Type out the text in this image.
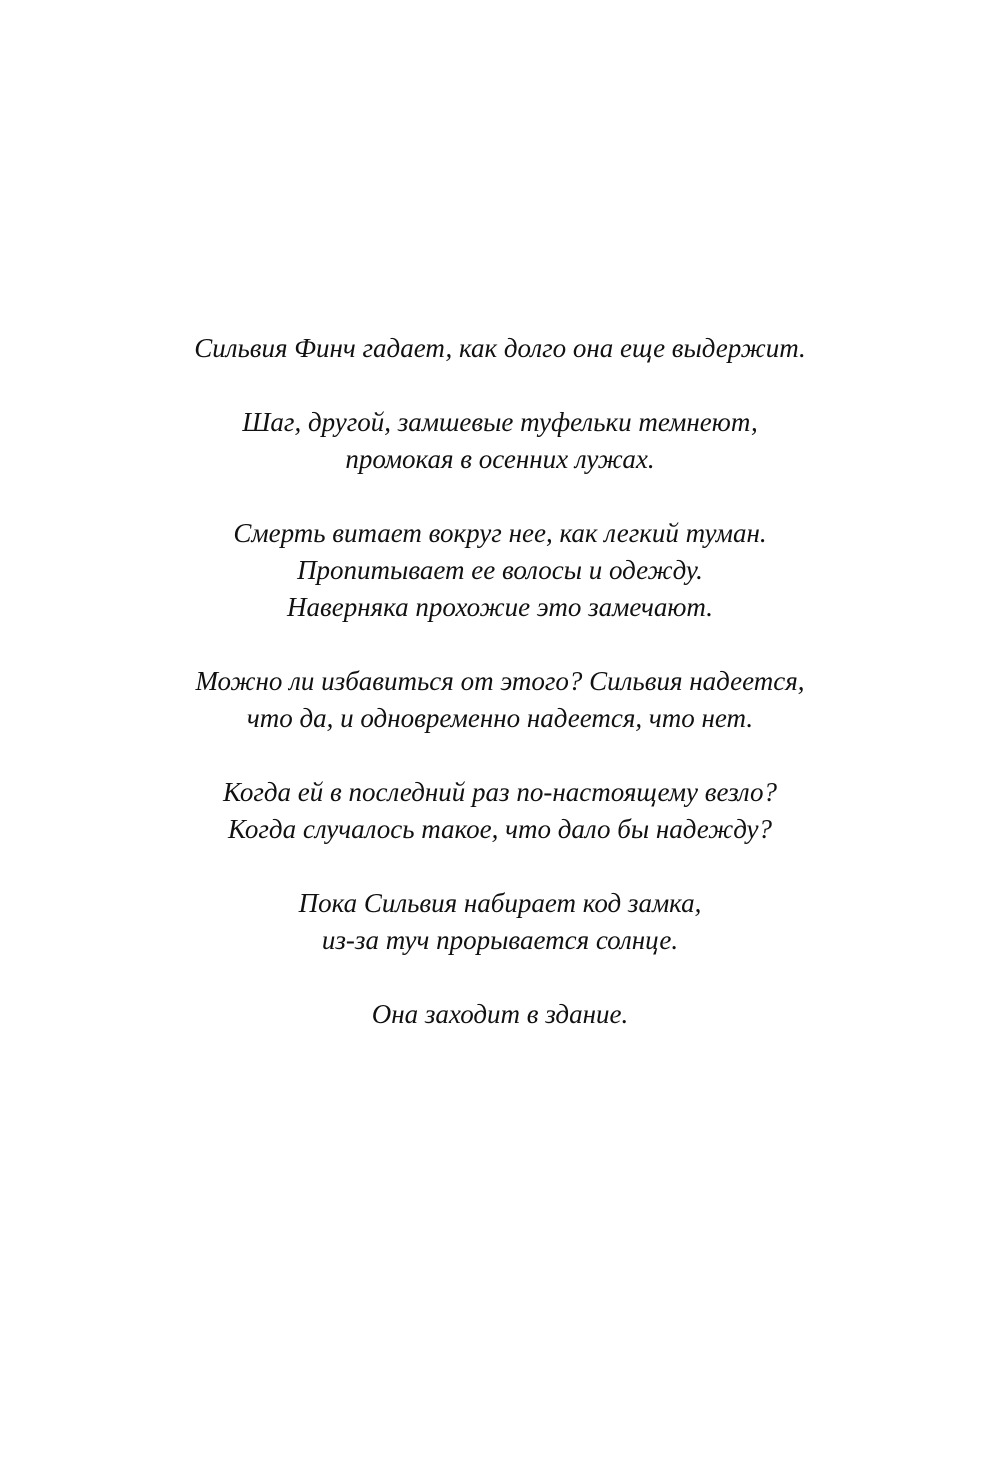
Сильвия Финч гадает, как долго она еще выдержит.
Шаг, другой, замшевые туфельки темнеют,
промокая в осенних лужах.
Смерть витает вокруг нее, как легкий туман.
Пропитывает ее волосы и одежду.
Наверняка прохожие это замечают.
Можно ли избавиться от этого? Сильвия надеется,
что да, и одновременно надеется, что нет.
Когда ей в последний раз по-настоящему везло?
Когда случалось такое, что дало бы надежду?
Пока Сильвия набирает код замка,
из-за туч прорывается солнце.
Она заходит в здание.
